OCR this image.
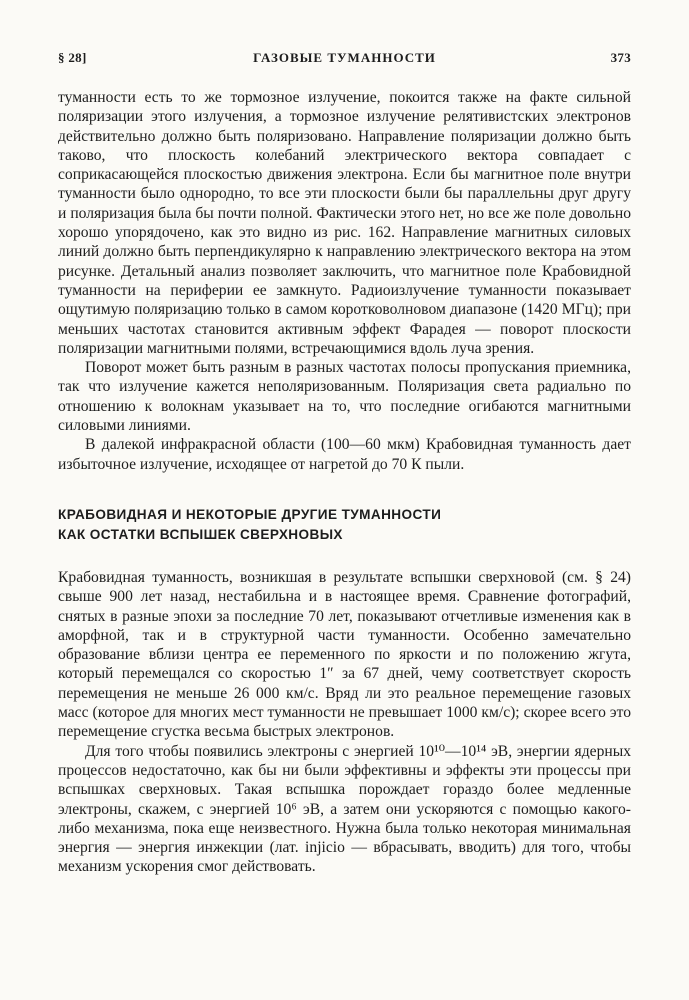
§ 28]	ГАЗОВЫЕ ТУМАННОСТИ	373

туманности есть то же тормозное излучение, покоится также на факте сильной поляризации этого излучения, а тормозное излучение релятивистских электронов действительно должно быть поляризовано. Направление поляризации должно быть таково, что плоскость колебаний электрического вектора совпадает с соприкасающейся плоскостью движения электрона. Если бы магнитное поле внутри туманности было однородно, то все эти плоскости были бы параллельны друг другу и поляризация была бы почти полной. Фактически этого нет, но все же поле довольно хорошо упорядочено, как это видно из рис. 162. Направление магнитных силовых линий должно быть перпендикулярно к направлению электрического вектора на этом рисунке. Детальный анализ позволяет заключить, что магнитное поле Крабовидной туманности на периферии ее замкнуто. Радиоизлучение туманности показывает ощутимую поляризацию только в самом коротковолновом диапазоне (1420 МГц); при меньших частотах становится активным эффект Фарадея — поворот плоскости поляризации магнитными полями, встречающимися вдоль луча зрения.

Поворот может быть разным в разных частотах полосы пропускания приемника, так что излучение кажется неполяризованным. Поляризация света радиально по отношению к волокнам указывает на то, что последние огибаются магнитными силовыми линиями.

В далекой инфракрасной области (100—60 мкм) Крабовидная туманность дает избыточное излучение, исходящее от нагретой до 70 К пыли.

КРАБОВИДНАЯ И НЕКОТОРЫЕ ДРУГИЕ ТУМАННОСТИ
КАК ОСТАТКИ ВСПЫШЕК СВЕРХНОВЫХ

Крабовидная туманность, возникшая в результате вспышки сверхновой (см. § 24) свыше 900 лет назад, нестабильна и в настоящее время. Сравнение фотографий, снятых в разные эпохи за последние 70 лет, показывают отчетливые изменения как в аморфной, так и в структурной части туманности. Особенно замечательно образование вблизи центра ее переменного по яркости и по положению жгута, который перемещался со скоростью 1″ за 67 дней, чему соответствует скорость перемещения не меньше 26 000 км/с. Вряд ли это реальное перемещение газовых масс (которое для многих мест туманности не превышает 1000 км/с); скорее всего это перемещение сгустка весьма быстрых электронов.

Для того чтобы появились электроны с энергией 10¹⁰—10¹⁴ эВ, энергии ядерных процессов недостаточно, как бы ни были эффективны и эффекты эти процессы при вспышках сверхновых. Такая вспышка порождает гораздо более медленные электроны, скажем, с энергией 10⁶ эВ, а затем они ускоряются с помощью какого-либо механизма, пока еще неизвестного. Нужна была только некоторая минимальная энергия — энергия инжекции (лат. injicio — вбрасывать, вводить) для того, чтобы механизм ускорения смог действовать.
